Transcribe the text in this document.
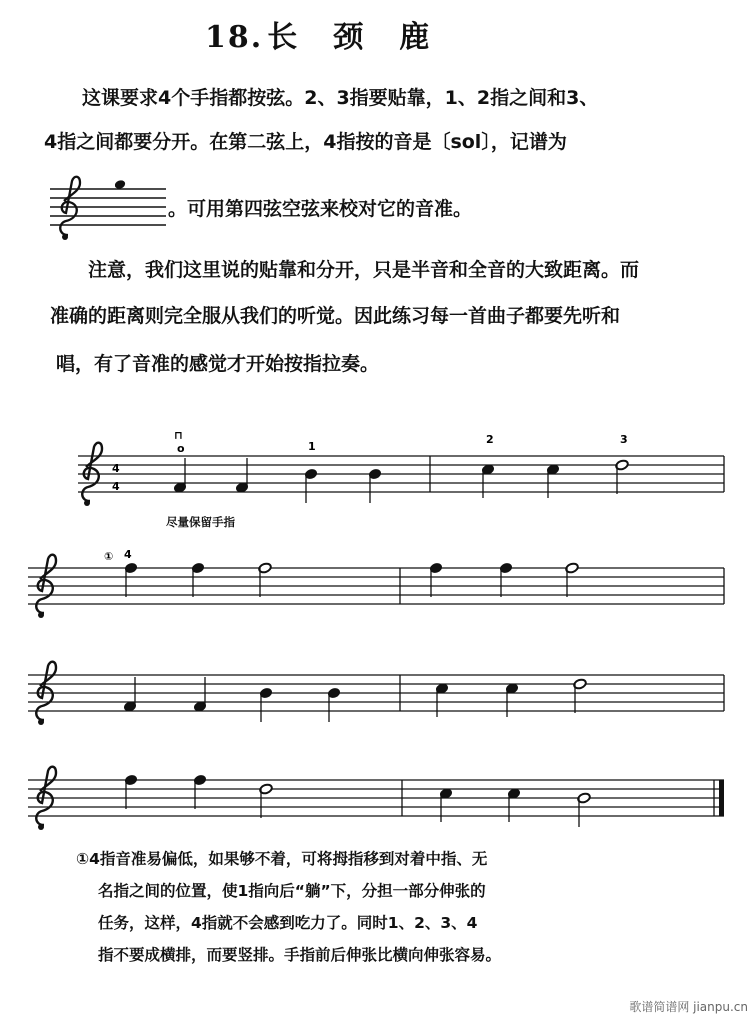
18. 长 颈 鹿
这课要求4个手指都按弦。2、3指要贴靠，1、2指之间和3、
4指之间都要分开。在第二弦上，4指按的音是〔sol〕，记谱为
。可用第四弦空弦来校对它的音准。
注意，我们这里说的贴靠和分开，只是半音和全音的大致距离。而
准确的距离则完全服从我们的听觉。因此练习每一首曲子都要先听和
唱，有了音准的感觉才开始按指拉奏。
4
4
⊓
o	1
2	3
① 4
尽量保留手指
①4指音准易偏低，如果够不着，可将拇指移到对着中指、无
名指之间的位置，使1指向后“躺”下，分担一部分伸张的
任务，这样，4指就不会感到吃力了。同时1、2、3、4
指不要成横排，而要竖排。手指前后伸张比横向伸张容易。
歌谱简谱网 jianpu.cn
